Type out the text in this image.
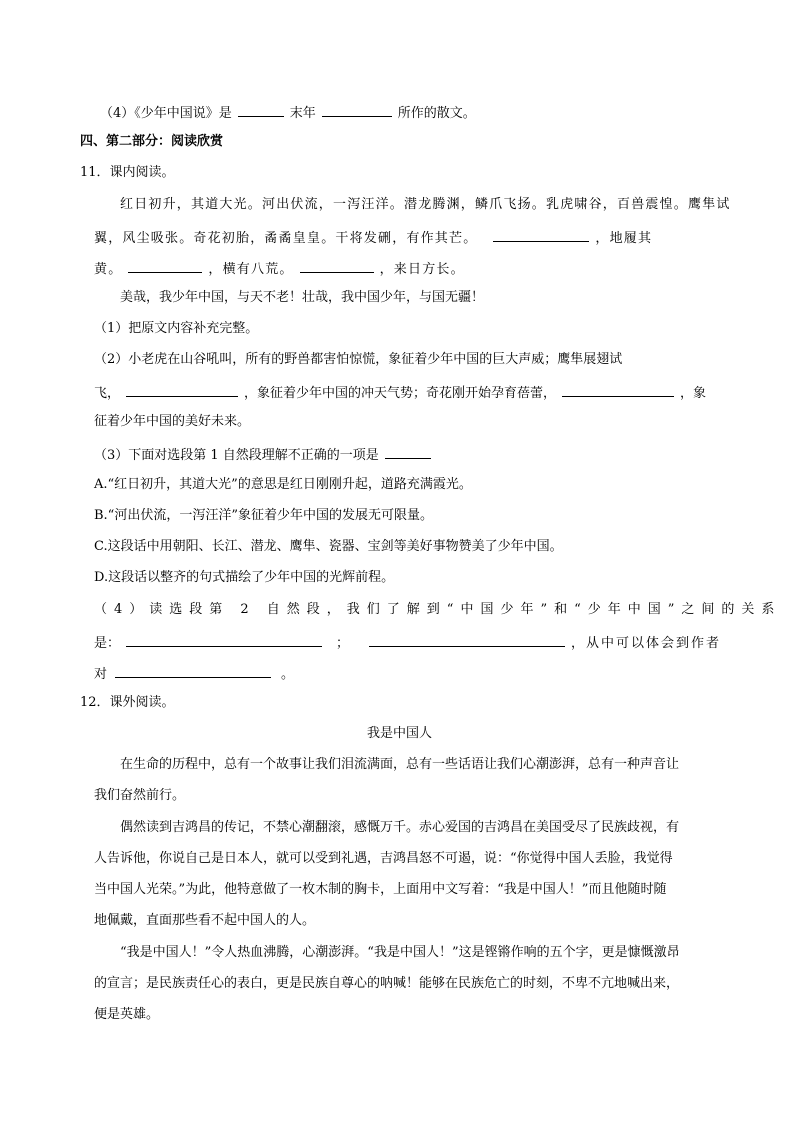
（4）《少年中国说》是	末年	所作的散文。
四、第二部分：阅读欣赏
11．课内阅读。
红日初升，其道大光。河出伏流，一泻汪洋。潜龙腾渊，鳞爪飞扬。乳虎啸谷，百兽震惶。鹰隼试
翼，风尘吸张。奇花初胎，矞矞皇皇。干将发硎，有作其芒。	，地履其
黄。	，横有八荒。	，来日方长。
美哉，我少年中国，与天不老！壮哉，我中国少年，与国无疆！
（1）把原文内容补充完整。
（2）小老虎在山谷吼叫，所有的野兽都害怕惊慌，象征着少年中国的巨大声威；鹰隼展翅试
飞，	，象征着少年中国的冲天气势；奇花刚开始孕育蓓蕾，	，象
征着少年中国的美好未来。
（3）下面对选段第 1 自然段理解不正确的一项是
A.“红日初升，其道大光”的意思是红日刚刚升起，道路充满霞光。
B.“河出伏流，一泻汪洋”象征着少年中国的发展无可限量。
C.这段话中用朝阳、长江、潜龙、鹰隼、瓷器、宝剑等美好事物赞美了少年中国。
D.这段话以整齐的句式描绘了少年中国的光辉前程。
（4）读选段第 2 自然段，我们了解到“中国少年”和“少年中国”之间的关系
是：	；	，从中可以体会到作者
对	。
12．课外阅读。
我是中国人
在生命的历程中，总有一个故事让我们泪流满面，总有一些话语让我们心潮澎湃，总有一种声音让
我们奋然前行。
偶然读到吉鸿昌的传记，不禁心潮翻滚，感慨万千。赤心爱国的吉鸿昌在美国受尽了民族歧视，有
人告诉他，你说自己是日本人，就可以受到礼遇，吉鸿昌怒不可遏，说：“你觉得中国人丢脸，我觉得
当中国人光荣。”为此，他特意做了一枚木制的胸卡，上面用中文写着：“我是中国人！”而且他随时随
地佩戴，直面那些看不起中国人的人。
“我是中国人！”令人热血沸腾，心潮澎湃。“我是中国人！”这是铿锵作响的五个字，更是慷慨激昂
的宣言；是民族责任心的表白，更是民族自尊心的呐喊！能够在民族危亡的时刻，不卑不亢地喊出来，
便是英雄。
